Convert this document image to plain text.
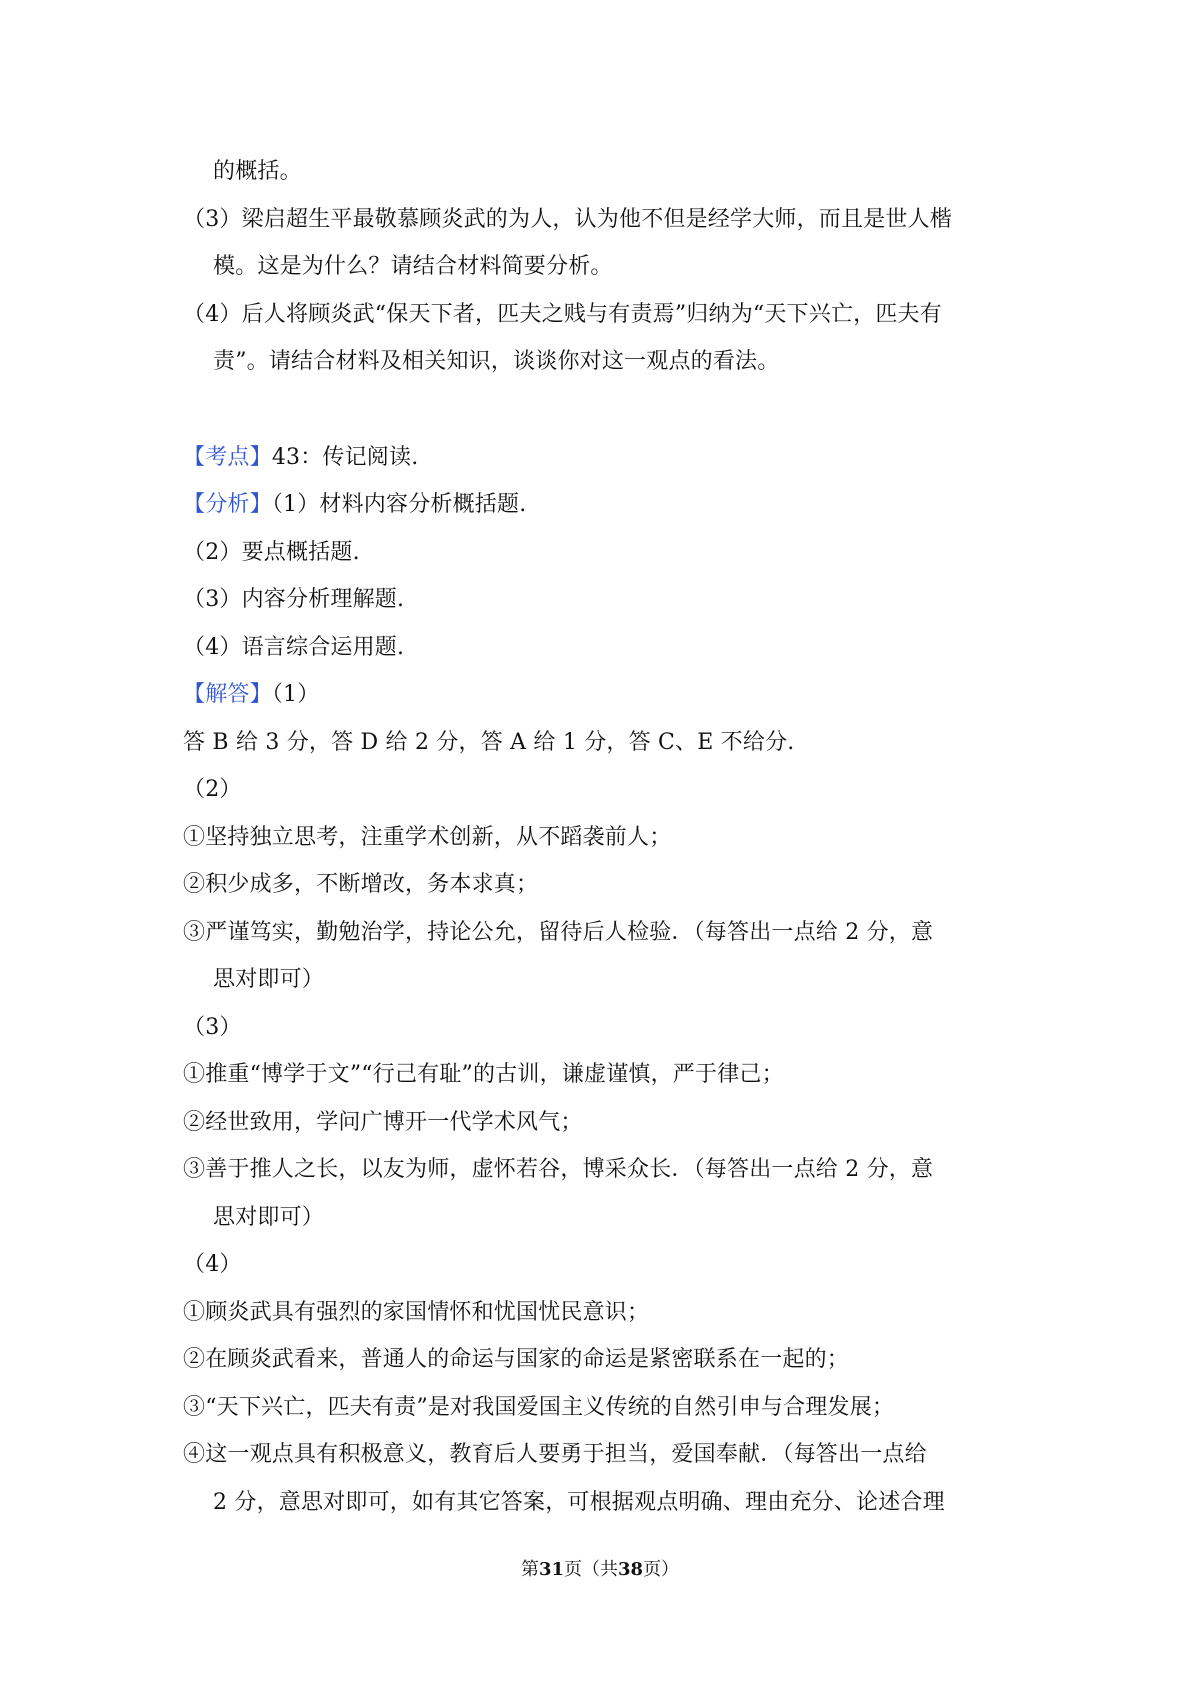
的概括。
（3）梁启超生平最敬慕顾炎武的为人，认为他不但是经学大师，而且是世人楷
模。这是为什么？请结合材料简要分析。
（4）后人将顾炎武“保天下者，匹夫之贱与有责焉”归纳为“天下兴亡，匹夫有
责”。请结合材料及相关知识，谈谈你对这一观点的看法。
【考点】43：传记阅读.
【分析】（1）材料内容分析概括题.
（2）要点概括题.
（3）内容分析理解题.
（4）语言综合运用题.
【解答】（1）
答 B 给 3 分，答 D 给 2 分，答 A 给 1 分，答 C、E 不给分.
（2）
①坚持独立思考，注重学术创新，从不蹈袭前人；
②积少成多，不断增改，务本求真；
③严谨笃实，勤勉治学，持论公允，留待后人检验．（每答出一点给 2 分，意
思对即可）
（3）
①推重“博学于文”“行己有耻”的古训，谦虚谨慎，严于律己；
②经世致用，学问广博开一代学术风气；
③善于推人之长，以友为师，虚怀若谷，博采众长．（每答出一点给 2 分，意
思对即可）
（4）
①顾炎武具有强烈的家国情怀和忧国忧民意识；
②在顾炎武看来，普通人的命运与国家的命运是紧密联系在一起的；
③“天下兴亡，匹夫有责”是对我国爱国主义传统的自然引申与合理发展；
④这一观点具有积极意义，教育后人要勇于担当，爱国奉献．（每答出一点给
2 分，意思对即可，如有其它答案，可根据观点明确、理由充分、论述合理
第31页（共38页）
